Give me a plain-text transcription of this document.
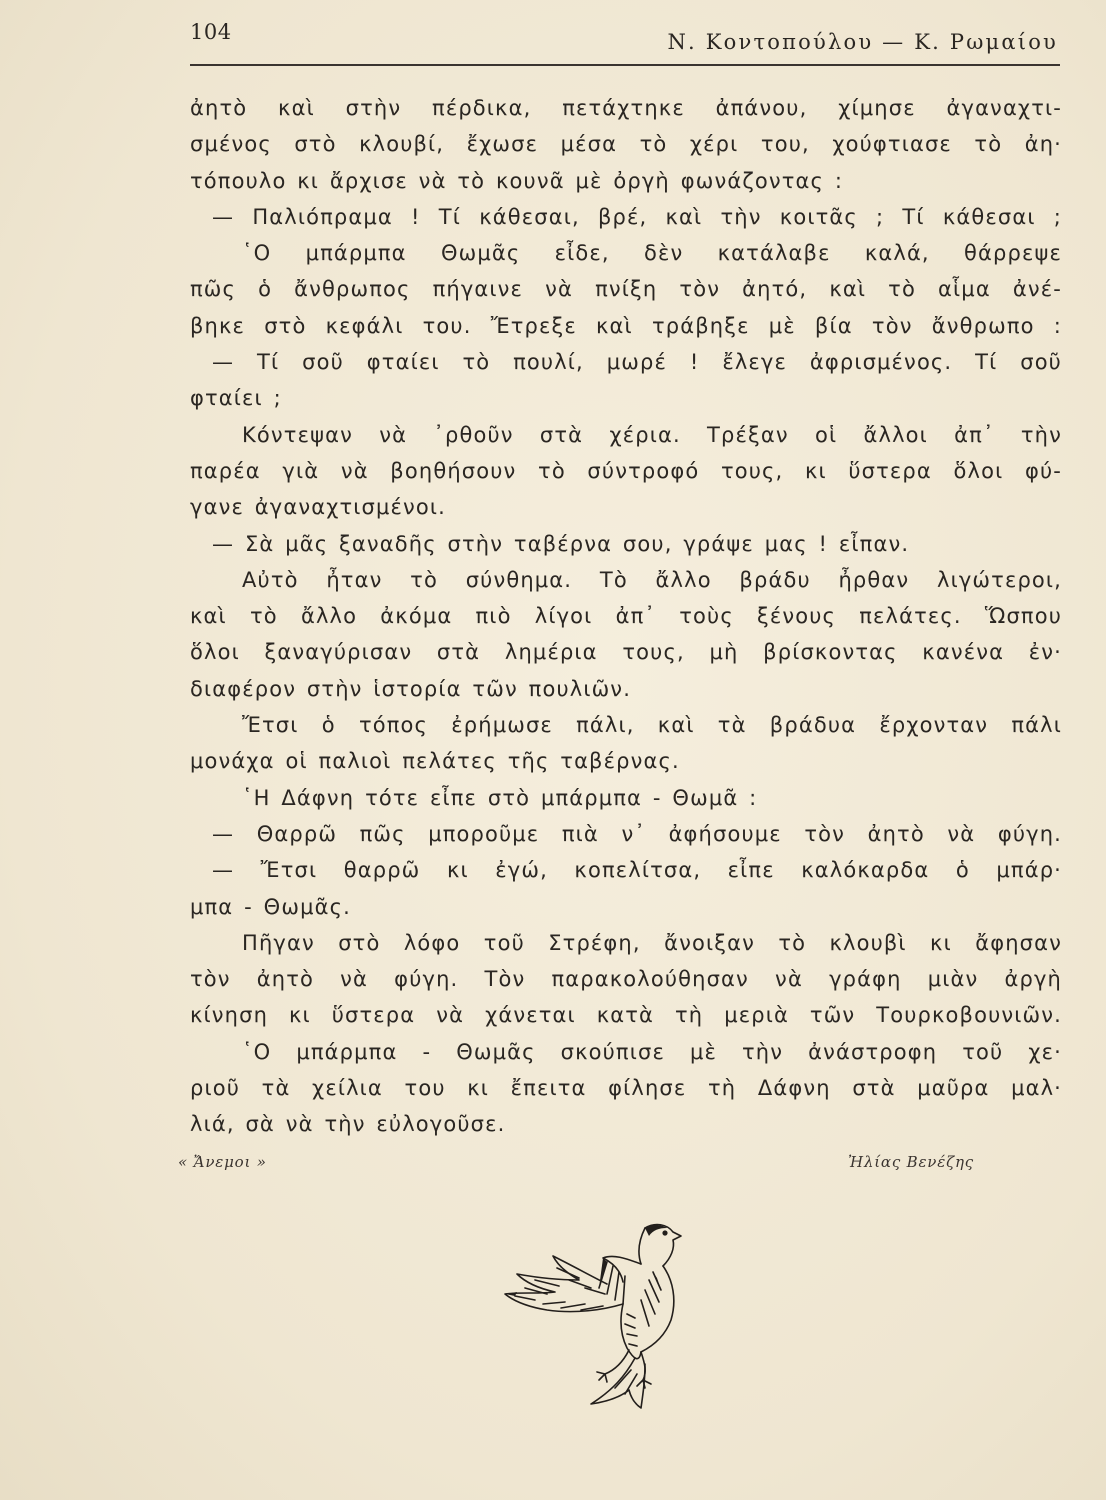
104	Ν. Κοντοπούλου — Κ. Ρωμαίου
ἀητὸ καὶ στὴν πέρδικα, πετάχτηκε ἀπάνου, χίμησε ἀγαναχτι-
σμένος στὸ κλουβί, ἔχωσε μέσα τὸ χέρι του, χούφτιασε τὸ ἀη·
τόπουλο κι ἄρχισε νὰ τὸ κουνᾶ μὲ ὀργὴ φωνάζοντας :
— Παλιόπραμα ! Τί κάθεσαι, βρέ, καὶ τὴν κοιτᾶς ; Τί κάθεσαι ;
῾Ο μπάρμπα Θωμᾶς εἶδε, δὲν κατάλαβε καλά, θάρρεψε
πῶς ὁ ἄνθρωπος πήγαινε νὰ πνίξη τὸν ἀητό, καὶ τὸ αἷμα ἀνέ-
βηκε στὸ κεφάλι του. Ἔτρεξε καὶ τράβηξε μὲ βία τὸν ἄνθρωπο :
— Τί σοῦ φταίει τὸ πουλί, μωρέ ! ἔλεγε ἀφρισμένος. Τί σοῦ
φταίει ;
Κόντεψαν νὰ ᾽ρθοῦν στὰ χέρια. Τρέξαν οἱ ἄλλοι ἀπ᾽ τὴν
παρέα γιὰ νὰ βοηθήσουν τὸ σύντροφό τους, κι ὕστερα ὅλοι φύ-
γανε ἀγαναχτισμένοι.
— Σὰ μᾶς ξαναδῆς στὴν ταβέρνα σου, γράψε μας ! εἶπαν.
Αὐτὸ ἦταν τὸ σύνθημα. Τὸ ἄλλο βράδυ ἦρθαν λιγώτεροι,
καὶ τὸ ἄλλο ἀκόμα πιὸ λίγοι ἀπ᾽ τοὺς ξένους πελάτες. Ὥσπου
ὅλοι ξαναγύρισαν στὰ λημέρια τους, μὴ βρίσκοντας κανένα ἐν·
διαφέρον στὴν ἱστορία τῶν πουλιῶν.
Ἔτσι ὁ τόπος ἐρήμωσε πάλι, καὶ τὰ βράδυα ἔρχονταν πάλι
μονάχα οἱ παλιοὶ πελάτες τῆς ταβέρνας.
῾Η Δάφνη τότε εἶπε στὸ μπάρμπα - Θωμᾶ :
— Θαρρῶ πῶς μποροῦμε πιὰ ν᾽ ἀφήσουμε τὸν ἀητὸ νὰ φύγη.
— Ἔτσι θαρρῶ κι ἐγώ, κοπελίτσα, εἶπε καλόκαρδα ὁ μπάρ·
μπα - Θωμᾶς.
Πῆγαν στὸ λόφο τοῦ Στρέφη, ἄνοιξαν τὸ κλουβὶ κι ἄφησαν
τὸν ἀητὸ νὰ φύγη. Τὸν παρακολούθησαν νὰ γράφη μιὰν ἀργὴ
κίνηση κι ὕστερα νὰ χάνεται κατὰ τὴ μεριὰ τῶν Τουρκοβουνιῶν.
῾Ο μπάρμπα - Θωμᾶς σκούπισε μὲ τὴν ἀνάστροφη τοῦ χε·
ριοῦ τὰ χείλια του κι ἔπειτα φίλησε τὴ Δάφνη στὰ μαῦρα μαλ·
λιά, σὰ νὰ τὴν εὐλογοῦσε.
« Ἄνεμοι »	Ἠλίας Βενέζης
